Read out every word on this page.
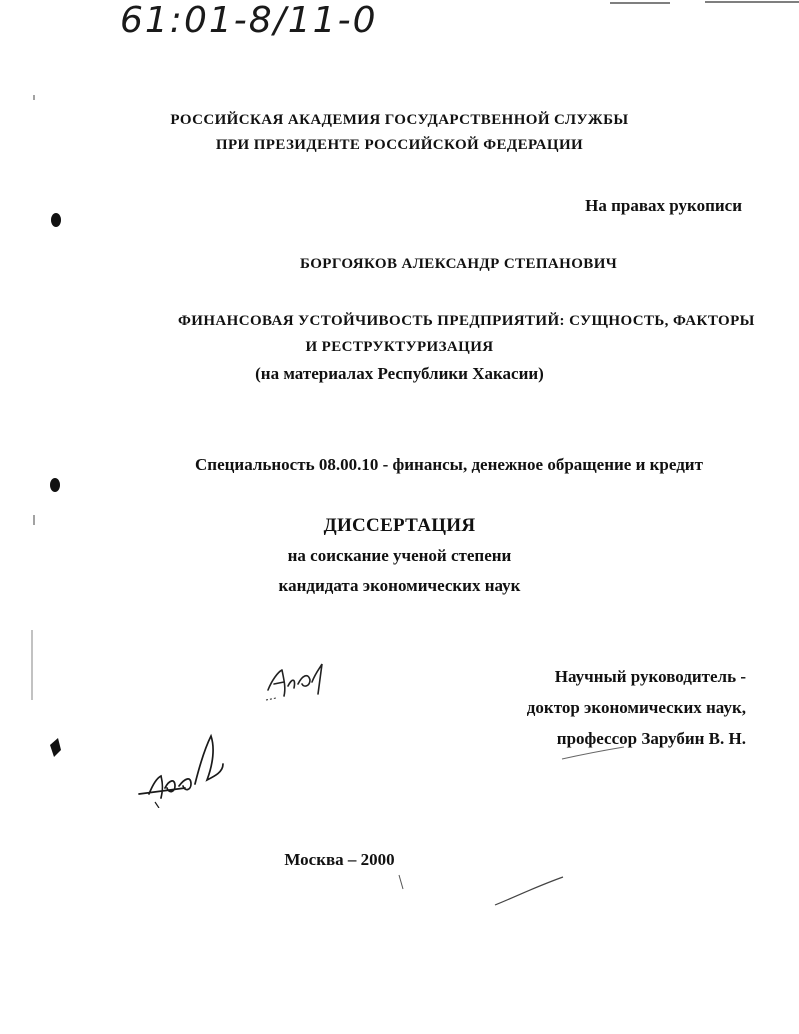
61:01-8/11-0
РОССИЙСКАЯ АКАДЕМИЯ ГОСУДАРСТВЕННОЙ СЛУЖБЫ
ПРИ ПРЕЗИДЕНТЕ РОССИЙСКОЙ ФЕДЕРАЦИИ
На правах рукописи
БОРГОЯКОВ АЛЕКСАНДР СТЕПАНОВИЧ
ФИНАНСОВАЯ УСТОЙЧИВОСТЬ ПРЕДПРИЯТИЙ: СУЩНОСТЬ, ФАКТОРЫ
И РЕСТРУКТУРИЗАЦИЯ
(на материалах Республики Хакасии)
Специальность 08.00.10 - финансы, денежное обращение и кредит
ДИССЕРТАЦИЯ
на соискание ученой степени
кандидата экономических наук
Научный руководитель -
доктор экономических наук,
профессор Зарубин В. Н.
Москва – 2000
